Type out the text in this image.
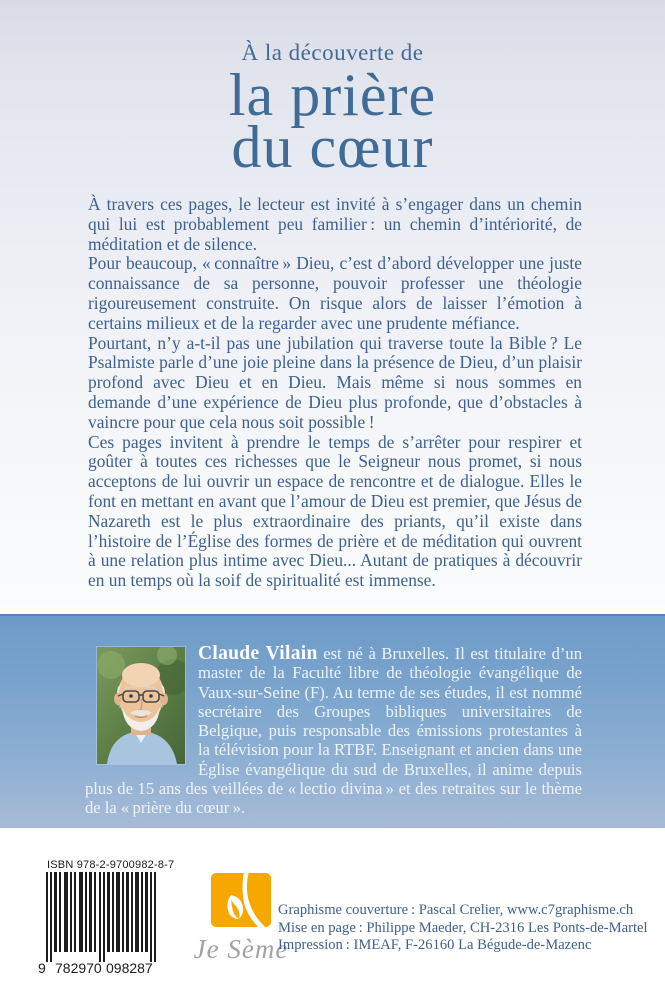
À la découverte de
la prière
du cœur

À travers ces pages, le lecteur est invité à s’engager dans un chemin qui lui est probablement peu familier : un chemin d’intériorité, de méditation et de silence.

Pour beaucoup, « connaître » Dieu, c’est d’abord développer une juste connaissance de sa personne, pouvoir professer une théologie rigoureusement construite. On risque alors de laisser l’émotion à certains milieux et de la regarder avec une prudente méfiance.

Pourtant, n’y a-t-il pas une jubilation qui traverse toute la Bible ? Le Psalmiste parle d’une joie pleine dans la présence de Dieu, d’un plaisir profond avec Dieu et en Dieu. Mais même si nous sommes en demande d’une expérience de Dieu plus profonde, que d’obstacles à vaincre pour que cela nous soit possible !

Ces pages invitent à prendre le temps de s’arrêter pour respirer et goûter à toutes ces richesses que le Seigneur nous promet, si nous acceptons de lui ouvrir un espace de rencontre et de dialogue. Elles le font en mettant en avant que l’amour de Dieu est premier, que Jésus de Nazareth est le plus extraordinaire des priants, qu’il existe dans l’histoire de l’Église des formes de prière et de méditation qui ouvrent à une relation plus intime avec Dieu... Autant de pratiques à découvrir en un temps où la soif de spiritualité est immense.

Claude Vilain est né à Bruxelles. Il est titulaire d’un master de la Faculté libre de théologie évangélique de Vaux-sur-Seine (F). Au terme de ses études, il est nommé secrétaire des Groupes bibliques universitaires de Belgique, puis responsable des émissions protestantes à la télévision pour la RTBF. Enseignant et ancien dans une Église évangélique du sud de Bruxelles, il anime depuis plus de 15 ans des veillées de « lectio divina » et des retraites sur le thème de la « prière du cœur ».

ISBN 978-2-9700982-8-7
9 782970 098287
Je Sème
Graphisme couverture : Pascal Crelier, www.c7graphisme.ch
Mise en page : Philippe Maeder, CH-2316 Les Ponts-de-Martel
Impression : IMEAF, F-26160 La Bégude-de-Mazenc
